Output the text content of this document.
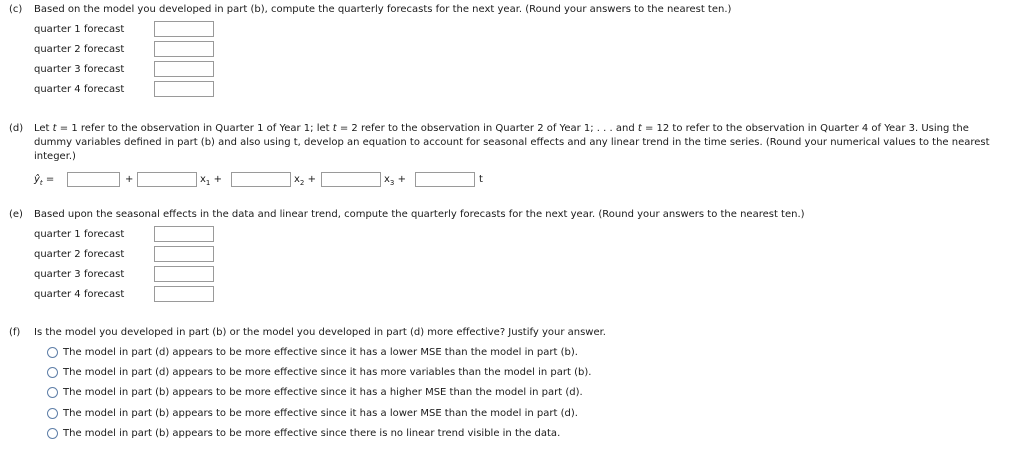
(c) Based on the model you developed in part (b), compute the quarterly forecasts for the next year. (Round your answers to the nearest ten.)
quarter 1 forecast
quarter 2 forecast
quarter 3 forecast
quarter 4 forecast
(d) Let t = 1 refer to the observation in Quarter 1 of Year 1; let t = 2 refer to the observation in Quarter 2 of Year 1; . . . and t = 12 to refer to the observation in Quarter 4 of Year 3. Using the
dummy variables defined in part (b) and also using t, develop an equation to account for seasonal effects and any linear trend in the time series. (Round your numerical values to the nearest
integer.)
$ŷ_t$ =	+	$x_1$ +	$x_2$ +	$x_3$ +	t
(e) Based upon the seasonal effects in the data and linear trend, compute the quarterly forecasts for the next year. (Round your answers to the nearest ten.)
quarter 1 forecast
quarter 2 forecast
quarter 3 forecast
quarter 4 forecast
(f) Is the model you developed in part (b) or the model you developed in part (d) more effective? Justify your answer.
The model in part (d) appears to be more effective since it has a lower MSE than the model in part (b).
The model in part (d) appears to be more effective since it has more variables than the model in part (b).
The model in part (b) appears to be more effective since it has a higher MSE than the model in part (d).
The model in part (b) appears to be more effective since it has a lower MSE than the model in part (d).
The model in part (b) appears to be more effective since there is no linear trend visible in the data.
